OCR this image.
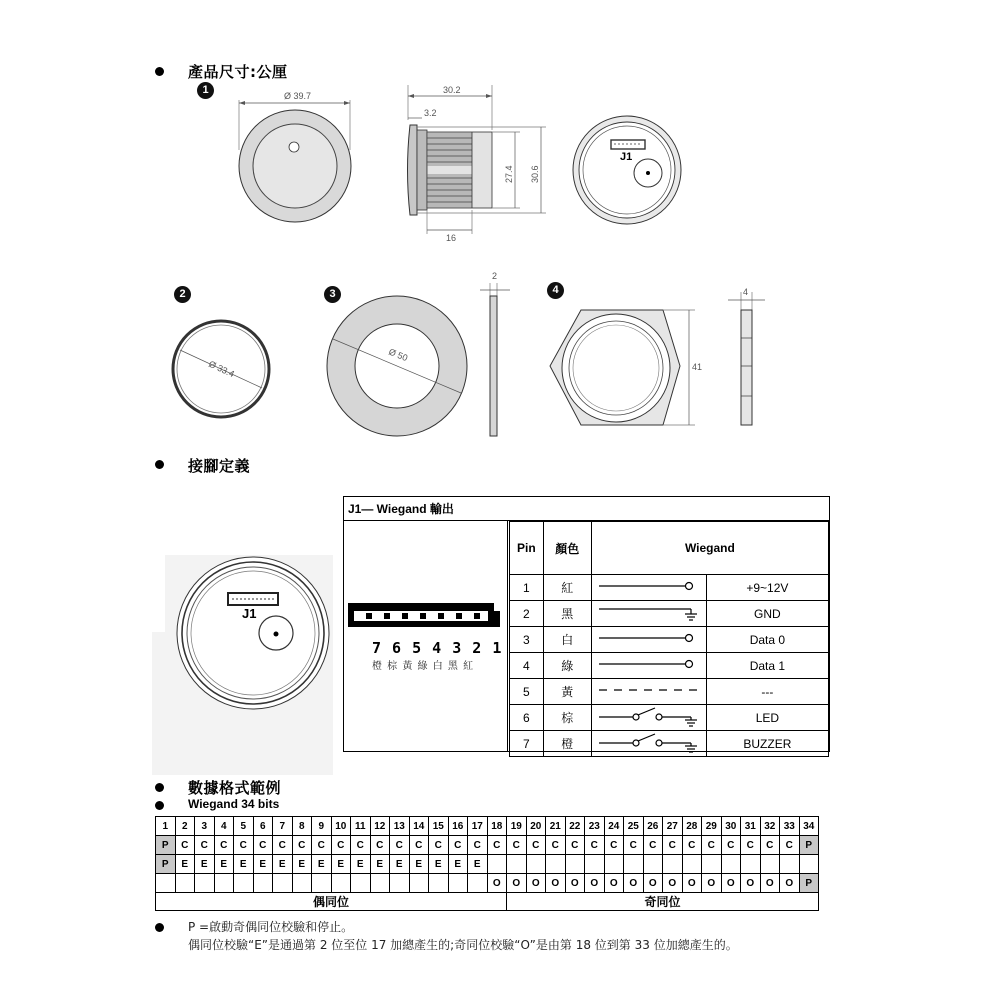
產品尺寸:公厘
1	Ø 39.7
30.2
3.2
27.4 30.6
16
J1
Ø 33.4
Ø 50
2
41
4
2	3	4
接腳定義
J1
J1— Wiegand 輸出
7 6 5 4 3 2 1
橙 棕 黃 綠 白 黑 紅
Pin	顏色	Wiegand	
1	紅		+9~12V
2	黑		GND
3	白		Data 0
4	綠		Data 1
5	黃		---
6	棕		LED
7	橙		BUZZER
數據格式範例
Wiegand 34 bits
1	2	3	4	5	6	7	8	9	10	11	12	13	14	15	16	17	18	19	20	21	22	23	24	25	26	27	28	29	30	31	32	33	34
P	C	C	C	C	C	C	C	C	C	C	C	C	C	C	C	C	C	C	C	C	C	C	C	C	C	C	C	C	C	C	C	C	P
P	E	E	E	E	E	E	E	E	E	E	E	E	E	E	E	E																	
																	O	O	O	O	O	O	O	O	O	O	O	O	O	O	O	O	P
偶同位																		奇同位															
P =啟動奇偶同位校驗和停止。
偶同位校驗“E”是通過第 2 位至位 17 加總產生的;奇同位校驗“O”是由第 18 位到第 33 位加總產生的。
